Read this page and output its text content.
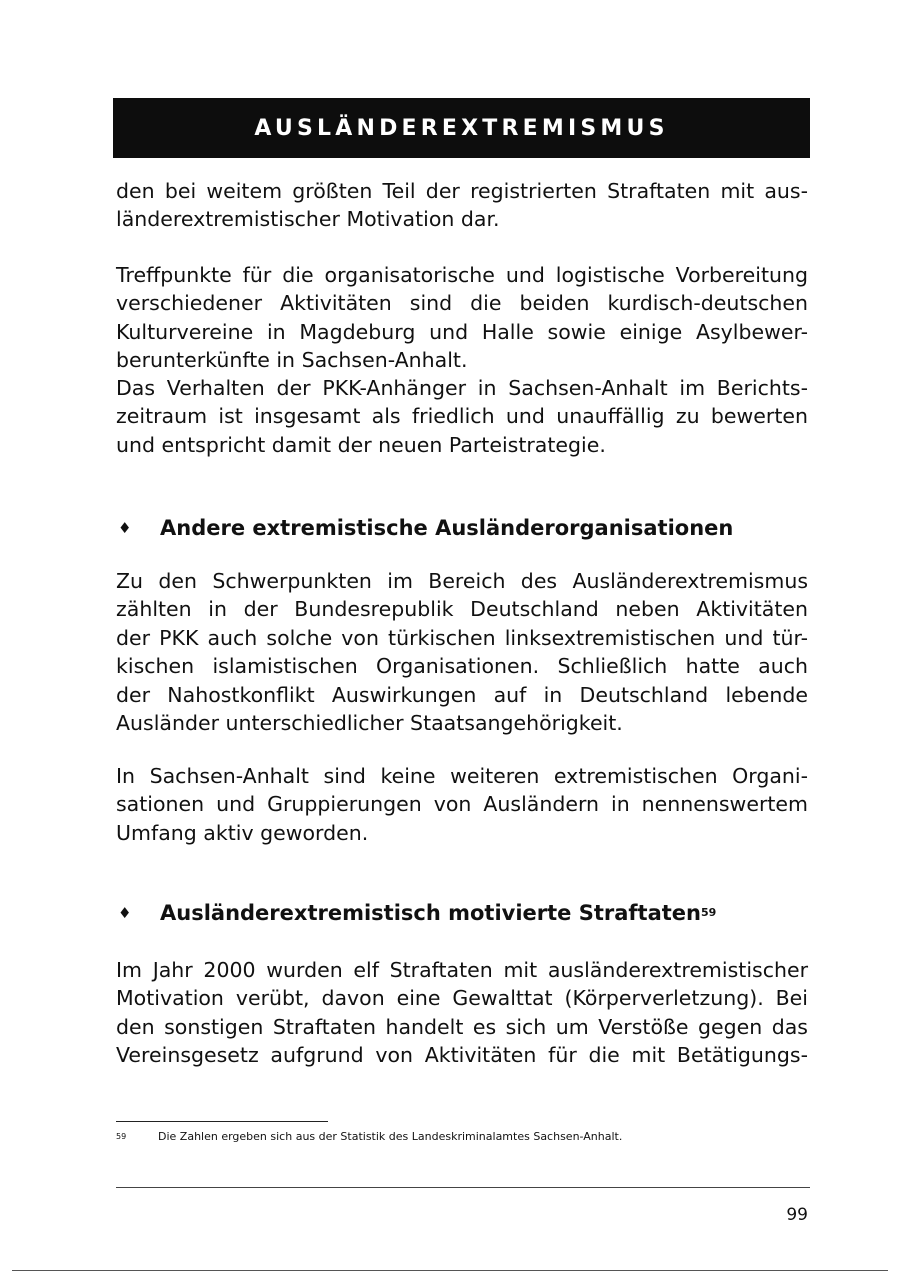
AUSLÄNDEREXTREMISMUS

den bei weitem größten Teil der registrierten Straftaten mit aus-
länderextremistischer Motivation dar.

Treffpunkte für die organisatorische und logistische Vorbereitung
verschiedener Aktivitäten sind die beiden kurdisch-deutschen
Kulturvereine in Magdeburg und Halle sowie einige Asylbewer-
berunterkünfte in Sachsen-Anhalt.

Das Verhalten der PKK-Anhänger in Sachsen-Anhalt im Berichts-
zeitraum ist insgesamt als friedlich und unauffällig zu bewerten
und entspricht damit der neuen Parteistrategie.

♦	Andere extremistische Ausländerorganisationen

Zu den Schwerpunkten im Bereich des Ausländerextremismus
zählten in der Bundesrepublik Deutschland neben Aktivitäten
der PKK auch solche von türkischen linksextremistischen und tür-
kischen islamistischen Organisationen. Schließlich hatte auch
der Nahostkonflikt Auswirkungen auf in Deutschland lebende
Ausländer unterschiedlicher Staatsangehörigkeit.

In Sachsen-Anhalt sind keine weiteren extremistischen Organi-
sationen und Gruppierungen von Ausländern in nennenswertem
Umfang aktiv geworden.

♦	Ausländerextremistisch motivierte Straftaten 59

Im Jahr 2000 wurden elf Straftaten mit ausländerextremistischer
Motivation verübt, davon eine Gewalttat (Körperverletzung). Bei
den sonstigen Straftaten handelt es sich um Verstöße gegen das
Vereinsgesetz aufgrund von Aktivitäten für die mit Betätigungs-

59	Die Zahlen ergeben sich aus der Statistik des Landeskriminalamtes Sachsen-Anhalt.
99
